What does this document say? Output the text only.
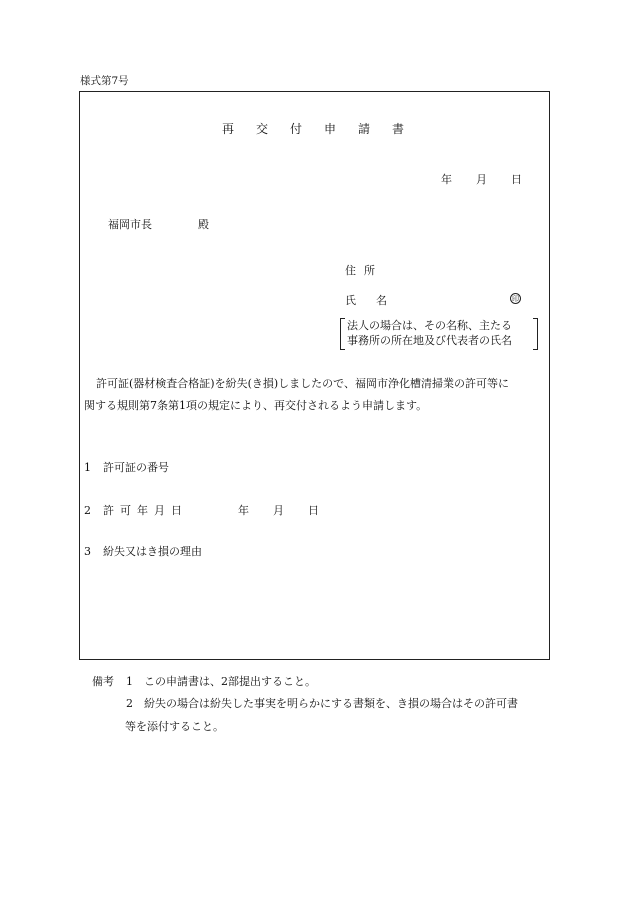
様式第7号
再交付申請書
年 月 日
福岡市長	殿
住所
氏名	印
法人の場合は、その名称、主たる
事務所の所在地及び代表者の氏名
許可証(器材検査合格証)を紛失(き損)しましたので、福岡市浄化槽清掃業の許可等に
関する規則第7条第1項の規定により、再交付されるよう申請します。
1 許可証の番号
2 許可年月日	年 月 日
3 紛失又はき損の理由
備考 1 この申請書は、2部提出すること。
2 紛失の場合は紛失した事実を明らかにする書類を、き損の場合はその許可書
等を添付すること。
